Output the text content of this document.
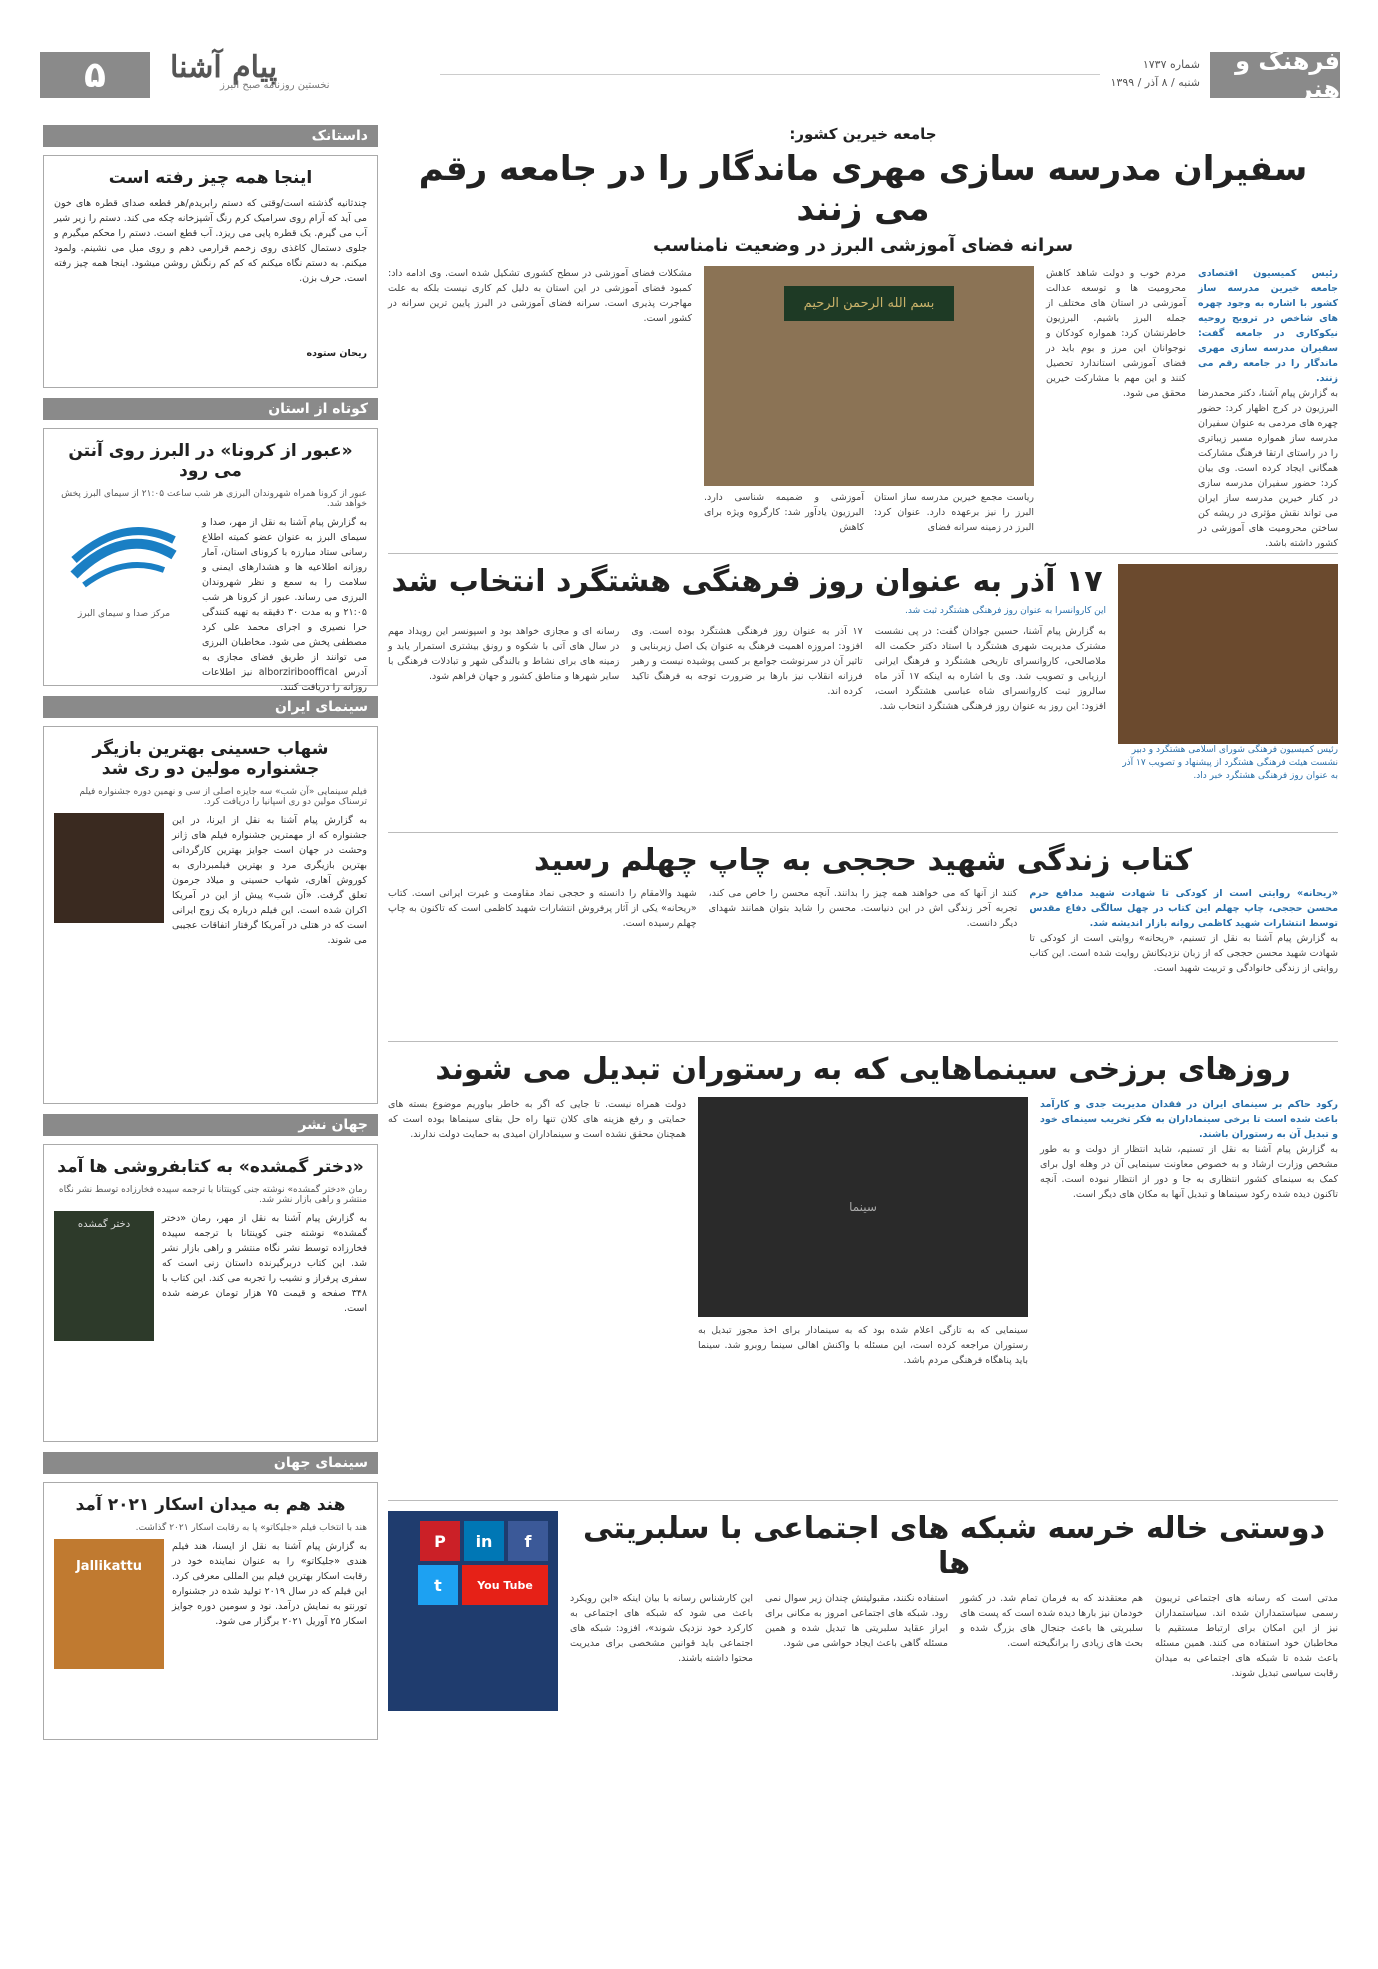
فرهنگ و هنر
شماره ۱۷۳۷
شنبه / ۸ آذر / ۱۳۹۹
پیام آشنا
نخستین روزنامه صبح البرز
۵
داستانک
اینجا همه چیز رفته است
چندثانیه گذشته است/وقتی که دستم رابریدم/هر قطعه صدای قطره های خون می آید که آرام روی سرامیک کرم رنگ آشپزخانه چکه می کند. دستم را زیر شیر آب می گیرم. یک قطره پایی می ریزد. آب قطع است. دستم را محکم میگیرم و جلوی دستمال کاغذی روی زخمم قرارمی دهم و روی مبل می نشینم. ولمود میکنم. به دستم نگاه میکنم که کم کم رنگش روشن میشود. اینجا همه چیز رفته است. حرف بزن.
ریحان ستوده
کوتاه از استان
«عبور از کرونا» در البرز روی آنتن می رود
عبور از کرونا همراه شهروندان البرزی هر شب ساعت ۲۱:۰۵ از سیمای البرز پخش خواهد شد.
به گزارش پیام آشنا به نقل از مهر، صدا و سیمای البرز به عنوان عضو کمیته اطلاع رسانی ستاد مبارزه با کرونای استان، آمار روزانه اطلاعیه ها و هشدارهای ایمنی و سلامت را به سمع و نظر شهروندان البرزی می رساند. عبور از کرونا هر شب ۲۱:۰۵ و به مدت ۳۰ دقیقه به تهیه کنندگی حرا نصیری و اجرای محمد علی کرد مصطفی پخش می شود. مخاطبان البرزی می توانند از طریق فضای مجازی به آدرس alborziribooffical نیز اطلاعات روزانه را دریافت کنند.
مرکز صدا و سیمای البرز
سینمای ایران
شهاب حسینی بهترین بازیگر جشنواره مولین دو ری شد
فیلم سینمایی «آن شب» سه جایزه اصلی از سی و نهمین دوره جشنواره فیلم ترسناک مولین دو ری اسپانیا را دریافت کرد.
به گزارش پیام آشنا به نقل از ایرنا، در این جشنواره که از مهمترین جشنواره فیلم های ژانر وحشت در جهان است جوایز بهترین کارگردانی بهترین بازیگری مرد و بهترین فیلمبرداری به کوروش آهاری، شهاب حسینی و میلاد جرمون تعلق گرفت. «آن شب» پیش از این در آمریکا اکران شده است. این فیلم درباره یک زوج ایرانی است که در هتلی در آمریکا گرفتار اتفاقات عجیبی می شوند.
جهان نشر
«دختر گمشده» به کتابفروشی ها آمد
رمان «دختر گمشده» نوشته جنی کوینتانا با ترجمه سپیده فخارزاده توسط نشر نگاه منتشر و راهی بازار نشر شد.
به گزارش پیام آشنا به نقل از مهر، رمان «دختر گمشده» نوشته جنی کوینتانا با ترجمه سپیده فخارزاده توسط نشر نگاه منتشر و راهی بازار نشر شد. این کتاب دربرگیرنده داستان زنی است که سفری پرفراز و نشیب را تجربه می کند. این کتاب با ۳۴۸ صفحه و قیمت ۷۵ هزار تومان عرضه شده است.
دختر گمشده
سینمای جهان
هند هم به میدان اسکار ۲۰۲۱ آمد
هند با انتخاب فیلم «جلیکاتو» پا به رقابت اسکار ۲۰۲۱ گذاشت.
به گزارش پیام آشنا به نقل از ایسنا، هند فیلم هندی «جلیکاتو» را به عنوان نماینده خود در رقابت اسکار بهترین فیلم بین المللی معرفی کرد. این فیلم که در سال ۲۰۱۹ تولید شده در جشنواره تورنتو به نمایش درآمد. نود و سومین دوره جوایز اسکار ۲۵ آوریل ۲۰۲۱ برگزار می شود.
Jallikattu
جامعه خیرین کشور:
سفیران مدرسه سازی مهری ماندگار را در جامعه رقم می زنند
سرانه فضای آموزشی البرز در وضعیت نامناسب
رئیس کمیسیون اقتصادی جامعه خیرین مدرسه ساز کشور با اشاره به وجود چهره های شاخص در ترویج روحیه نیکوکاری در جامعه گفت: سفیران مدرسه سازی مهری ماندگار را در جامعه رقم می زنند.
به گزارش پیام آشنا، دکتر محمدرضا البرزیون در کرج اظهار کرد: حضور چهره های مردمی به عنوان سفیران مدرسه ساز همواره مسیر زیباتری را در راستای ارتقا فرهنگ مشارکت همگانی ایجاد کرده است. وی بیان کرد: حضور سفیران مدرسه سازی در کنار خیرین مدرسه ساز ایران می تواند نقش مؤثری در ریشه کن ساختن محرومیت های آموزشی در کشور داشته باشد.
مردم خوب و دولت شاهد کاهش محرومیت ها و توسعه عدالت آموزشی در استان های مختلف از جمله البرز باشیم. البرزیون خاطرنشان کرد: همواره کودکان و نوجوانان این مرز و بوم باید در فضای آموزشی استاندارد تحصیل کنند و این مهم با مشارکت خیرین محقق می شود.
بسم الله الرحمن الرحیم
ریاست مجمع خیرین مدرسه ساز استان البرز را نیز برعهده دارد. عنوان کرد: البرز در زمینه سرانه فضای
آموزشی و ضمیمه شناسی دارد. البرزیون یادآور شد: کارگروه ویژه برای کاهش
مشکلات فضای آموزشی در سطح کشوری تشکیل شده است. وی ادامه داد: کمبود فضای آموزشی در این استان به دلیل کم کاری نیست بلکه به علت مهاجرت پذیری است. سرانه فضای آموزشی در البرز پایین ترین سرانه در کشور است.
رئیس کمیسیون فرهنگی شورای اسلامی هشتگرد و دبیر نشست هیئت فرهنگی هشتگرد از پیشنهاد و تصویب ۱۷ آذر به عنوان روز فرهنگی هشتگرد خبر داد.
۱۷ آذر به عنوان روز فرهنگی هشتگرد انتخاب شد
این کاروانسرا به عنوان روز فرهنگی هشتگرد ثبت شد.
به گزارش پیام آشنا، حسین جوادان گفت: در پی نشست مشترک مدیریت شهری هشتگرد با استاد دکتر حکمت اله ملاصالحی، کاروانسرای تاریخی هشتگرد و فرهنگ ایرانی ارزیابی و تصویب شد. وی با اشاره به اینکه ۱۷ آذر ماه سالروز ثبت کاروانسرای شاه عباسی هشتگرد است، افزود: این روز به عنوان روز فرهنگی هشتگرد انتخاب شد.
۱۷ آذر به عنوان روز فرهنگی هشتگرد بوده است. وی افزود: امروزه اهمیت فرهنگ به عنوان یک اصل زیربنایی و تاثیر آن در سرنوشت جوامع بر کسی پوشیده نیست و رهبر فرزانه انقلاب نیز بارها بر ضرورت توجه به فرهنگ تاکید کرده اند.
رسانه ای و مجازی خواهد بود و اسپونسر این رویداد مهم در سال های آتی با شکوه و رونق بیشتری استمرار یابد و زمینه های برای نشاط و بالندگی شهر و تبادلات فرهنگی با سایر شهرها و مناطق کشور و جهان فراهم شود.
کتاب زندگی شهید حججی به چاپ چهلم رسید
«ریحانه» روایتی است از کودکی تا شهادت شهید مدافع حرم محسن حججی، چاپ چهلم این کتاب در چهل سالگی دفاع مقدس توسط انتشارات شهید کاظمی روانه بازار اندیشه شد.
به گزارش پیام آشنا به نقل از تسنیم، «ریحانه» روایتی است از کودکی تا شهادت شهید محسن حججی که از زبان نزدیکانش روایت شده است. این کتاب روایتی از زندگی خانوادگی و تربیت شهید است.
کنند از آنها که می خواهند همه چیز را بدانند. آنچه محسن را خاص می کند، تجربه آخر زندگی اش در این دنیاست. محسن را شاید بتوان همانند شهدای دیگر دانست.
شهید والامقام را دانسته و حججی نماد مقاومت و غیرت ایرانی است. کتاب «ریحانه» یکی از آثار پرفروش انتشارات شهید کاظمی است که تاکنون به چاپ چهلم رسیده است.
روزهای برزخی سینماهایی که به رستوران تبدیل می شوند
رکود حاکم بر سینمای ایران در فقدان مدیریت جدی و کارآمد باعث شده است تا برخی سینماداران به فکر تخریب سینمای خود و تبدیل آن به رستوران باشند.
به گزارش پیام آشنا به نقل از تسنیم، شاید انتظار از دولت و به طور مشخص وزارت ارشاد و به خصوص معاونت سینمایی آن در وهله اول برای کمک به سینمای کشور انتظاری به جا و دور از انتظار نبوده است. آنچه تاکنون دیده شده رکود سینماها و تبدیل آنها به مکان های دیگر است.
سینما
سینمایی که به تازگی اعلام شده بود که به سینمادار برای اخذ مجوز تبدیل به رستوران مراجعه کرده است، این مسئله با واکنش اهالی سینما روبرو شد. سینما باید پناهگاه فرهنگی مردم باشد.
دولت همراه نیست. تا جایی که اگر به خاطر بیاوریم موضوع بسته های حمایتی و رفع هزینه های کلان تنها راه حل بقای سینماها بوده است که همچنان محقق نشده است و سینماداران امیدی به حمایت دولت ندارند.
دوستی خاله خرسه شبکه های اجتماعی با سلبریتی ها
مدتی است که رسانه های اجتماعی تریبون رسمی سیاستمداران شده اند. سیاستمداران نیز از این امکان برای ارتباط مستقیم با مخاطبان خود استفاده می کنند. همین مسئله باعث شده تا شبکه های اجتماعی به میدان رقابت سیاسی تبدیل شوند.
هم معتقدند که به فرمان تمام شد. در کشور خودمان نیز بارها دیده شده است که پست های سلبریتی ها باعث جنجال های بزرگ شده و بحث های زیادی را برانگیخته است.
استفاده نکنند، مقبولیتش چندان زیر سوال نمی رود. شبکه های اجتماعی امروز به مکانی برای ابراز عقاید سلبریتی ها تبدیل شده و همین مسئله گاهی باعث ایجاد حواشی می شود.
این کارشناس رسانه با بیان اینکه «این رویکرد باعث می شود که شبکه های اجتماعی به کارکرد خود نزدیک شوند»، افزود: شبکه های اجتماعی باید قوانین مشخصی برای مدیریت محتوا داشته باشند.
f
in
P
You Tube
t
